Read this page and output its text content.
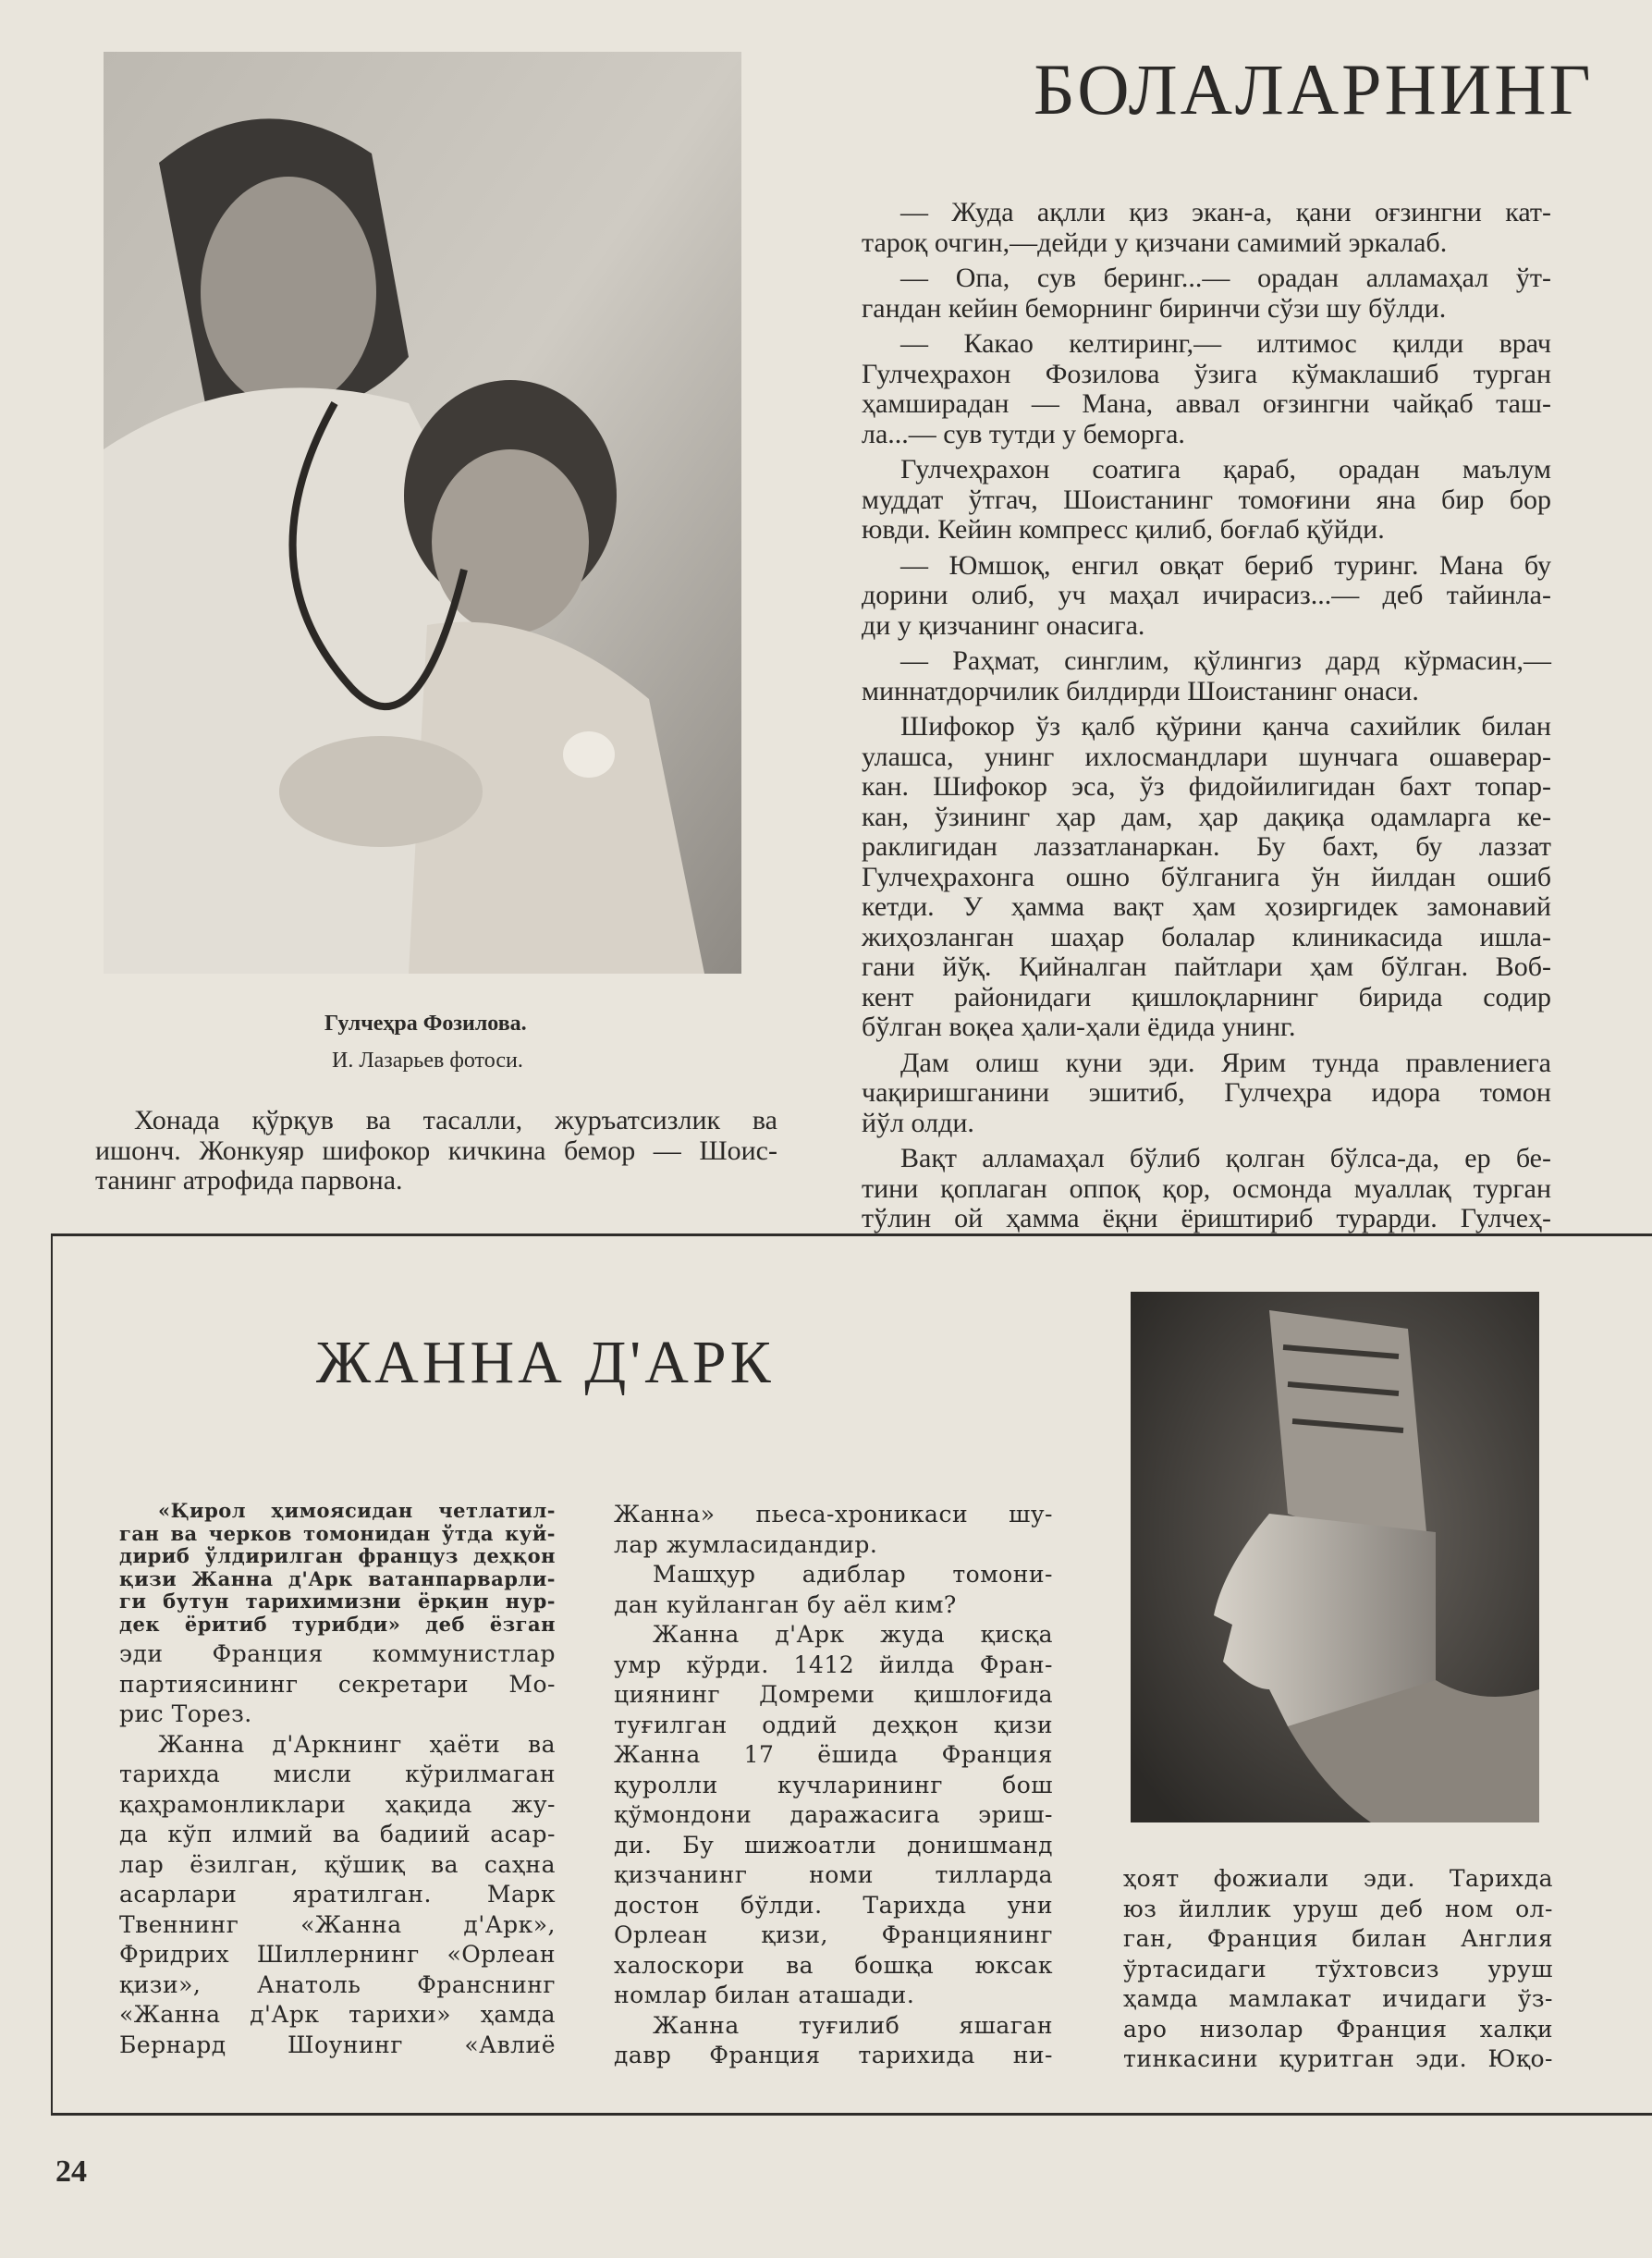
БОЛАЛАРНИНГ
Гулчеҳра Фозилова.
И. Лазарьев фотоси.
Хонада қўрқув ва тасалли, журъатсизлик ва
ишонч. Жонкуяр шифокор кичкина бемор — Шоис-
танинг атрофида парвона.
— Жуда ақлли қиз экан-а, қани оғзингни кат-
тароқ очгин,—дейди у қизчани самимий эркалаб.
— Опа, сув беринг...— орадан алламаҳал ўт-
гандан кейин беморнинг биринчи сўзи шу бўлди.
— Какао келтиринг,— илтимос қилди врач
Гулчеҳрахон Фозилова ўзига кўмаклашиб турган
ҳамширадан — Мана, аввал оғзингни чайқаб таш-
ла...— сув тутди у беморга.
Гулчеҳрахон соатига қараб, орадан маълум
муддат ўтгач, Шоистанинг томоғини яна бир бор
ювди. Кейин компресс қилиб, боғлаб қўйди.
— Юмшоқ, енгил овқат бериб туринг. Мана бу
дорини олиб, уч маҳал ичирасиз...— деб тайинла-
ди у қизчанинг онасига.
— Раҳмат, синглим, қўлингиз дард кўрмасин,—
миннатдорчилик билдирди Шоистанинг онаси.
Шифокор ўз қалб қўрини қанча сахийлик билан
улашса, унинг ихлосмандлари шунчага ошаверар-
кан. Шифокор эса, ўз фидойилигидан бахт топар-
кан, ўзининг ҳар дам, ҳар дақиқа одамларга ке-
раклигидан лаззатланаркан. Бу бахт, бу лаззат
Гулчеҳрахонга ошно бўлганига ўн йилдан ошиб
кетди. У ҳамма вақт ҳам ҳозиргидек замонавий
жиҳозланган шаҳар болалар клиникасида ишла-
гани йўқ. Қийналган пайтлари ҳам бўлган. Воб-
кент районидаги қишлоқларнинг бирида содир
бўлган воқеа ҳали-ҳали ёдида унинг.
Дам олиш куни эди. Ярим тунда правлениега
чақиришганини эшитиб, Гулчеҳра идора томон
йўл олди.
Вақт алламаҳал бўлиб қолган бўлса-да, ер бе-
тини қоплаган оппоқ қор, осмонда муаллақ турган
тўлин ой ҳамма ёқни ёриштириб турарди. Гулчеҳ-
ЖАННА Д'АРК
«Қирол ҳимоясидан четлатил-
ган ва черков томонидан ўтда куй-
дириб ўлдирилган француз деҳқон
қизи Жанна д'Арк ватанпарварли-
ги бутун тарихимизни ёрқин нур-
дек ёритиб турибди» деб ёзган
эди Франция коммунистлар
партиясининг секретари Мо-
рис Торез.
Жанна д'Аркнинг ҳаёти ва
тарихда мисли кўрилмаган
қаҳрамонликлари ҳақида жу-
да кўп илмий ва бадиий асар-
лар ёзилган, қўшиқ ва саҳна
асарлари яратилган. Марк
Твеннинг «Жанна д'Арк»,
Фридрих Шиллернинг «Орлеан
қизи», Анатоль Франснинг
«Жанна д'Арк тарихи» ҳамда
Бернард Шоунинг «Авлиё
Жанна» пьеса-хроникаси шу-
лар жумласидандир.
Машҳур адиблар томони-
дан куйланган бу аёл ким?
Жанна д'Арк жуда қисқа
умр кўрди. 1412 йилда Фран-
циянинг Домреми қишлоғида
туғилган оддий деҳқон қизи
Жанна 17 ёшида Франция
қуролли кучларининг бош
қўмондони даражасига эриш-
ди. Бу шижоатли донишманд
қизчанинг номи тилларда
достон бўлди. Тарихда уни
Орлеан қизи, Франциянинг
халоскори ва бошқа юксак
номлар билан аташади.
Жанна туғилиб яшаган
давр Франция тарихида ни-
ҳоят фожиали эди. Тарихда
юз йиллик уруш деб ном ол-
ган, Франция билан Англия
ўртасидаги тўхтовсиз уруш
ҳамда мамлакат ичидаги ўз-
аро низолар Франция халқи
тинкасини қуритган эди. Юқо-
24
